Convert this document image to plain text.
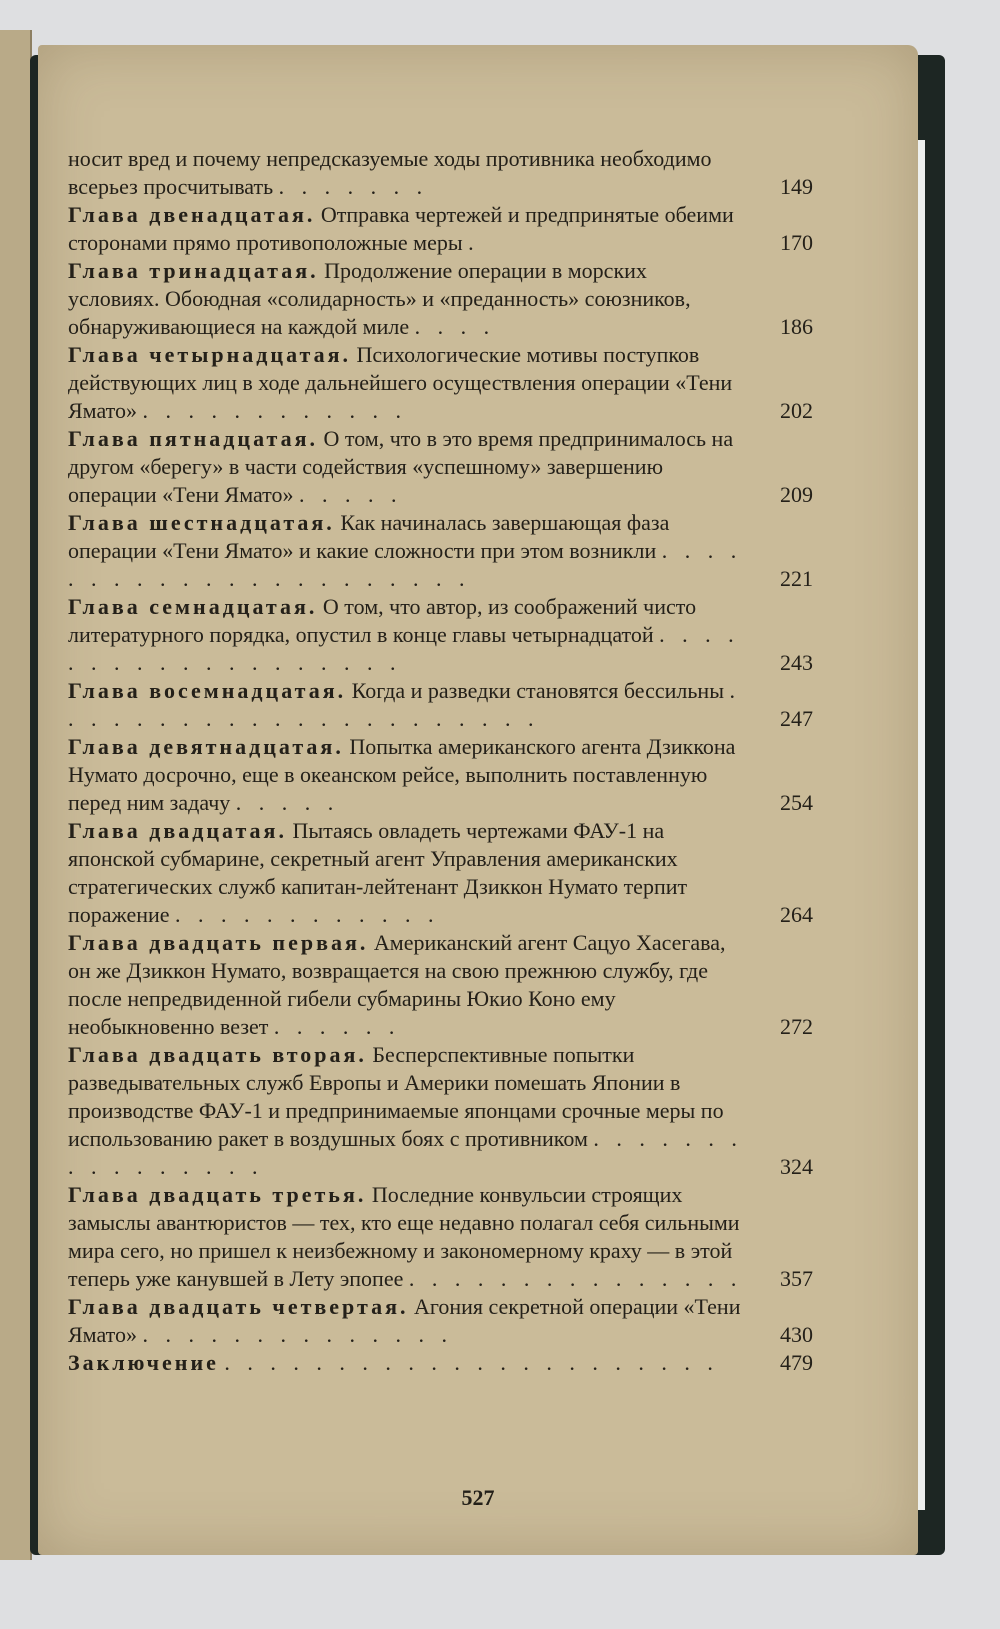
носит вред и почему непредсказуемые ходы противника необходимо всерьез просчитывать . . . . . . .	149
Глава двенадцатая. Отправка чертежей и предпринятые обеими сторонами прямо противоположные меры .	170
Глава тринадцатая. Продолжение операции в морских условиях. Обоюдная «солидарность» и «преданность» союзников, обнаруживающиеся на каждой миле . . . .	186
Глава четырнадцатая. Психологические мотивы поступков действующих лиц в ходе дальнейшего осуществления операции «Тени Ямато» . . . . . . . . . . . .	202
Глава пятнадцатая. О том, что в это время предпринималось на другом «берегу» в части содействия «успешному» завершению операции «Тени Ямато» . . . . .	209
Глава шестнадцатая. Как начиналась завершающая фаза операции «Тени Ямато» и какие сложности при этом возникли . . . . . . . . . . . . . . . . . . . . . .	221
Глава семнадцатая. О том, что автор, из соображений чисто литературного порядка, опустил в конце главы четырнадцатой . . . . . . . . . . . . . . . . . . .	243
Глава восемнадцатая. Когда и разведки становятся бессильны . . . . . . . . . . . . . . . . . . . . . .	247
Глава девятнадцатая. Попытка американского агента Дзиккона Нумато досрочно, еще в океанском рейсе, выполнить поставленную перед ним задачу . . . . .	254
Глава двадцатая. Пытаясь овладеть чертежами ФАУ-1 на японской субмарине, секретный агент Управления американских стратегических служб капитан-лейтенант Дзиккон Нумато терпит поражение . . . . . . . . . . . .	264
Глава двадцать первая. Американский агент Сацуо Хасегава, он же Дзиккон Нумато, возвращается на свою прежнюю службу, где после непредвиденной гибели субмарины Юкио Коно ему необыкновенно везет . . . . . .	272
Глава двадцать вторая. Бесперспективные попытки разведывательных служб Европы и Америки помешать Японии в производстве ФАУ-1 и предпринимаемые японцами срочные меры по использованию ракет в воздушных боях с противником . . . . . . . . . . . . . . . .	324
Глава двадцать третья. Последние конвульсии строящих замыслы авантюристов — тех, кто еще недавно полагал себя сильными мира сего, но пришел к неизбежному и закономерному краху — в этой теперь уже канувшей в Лету эпопее . . . . . . . . . . . . . . .	357
Глава двадцать четвертая. Агония секретной операции «Тени Ямато» . . . . . . . . . . . . . .	430
Заключение . . . . . . . . . . . . . . . . . . . . . .	479
527
